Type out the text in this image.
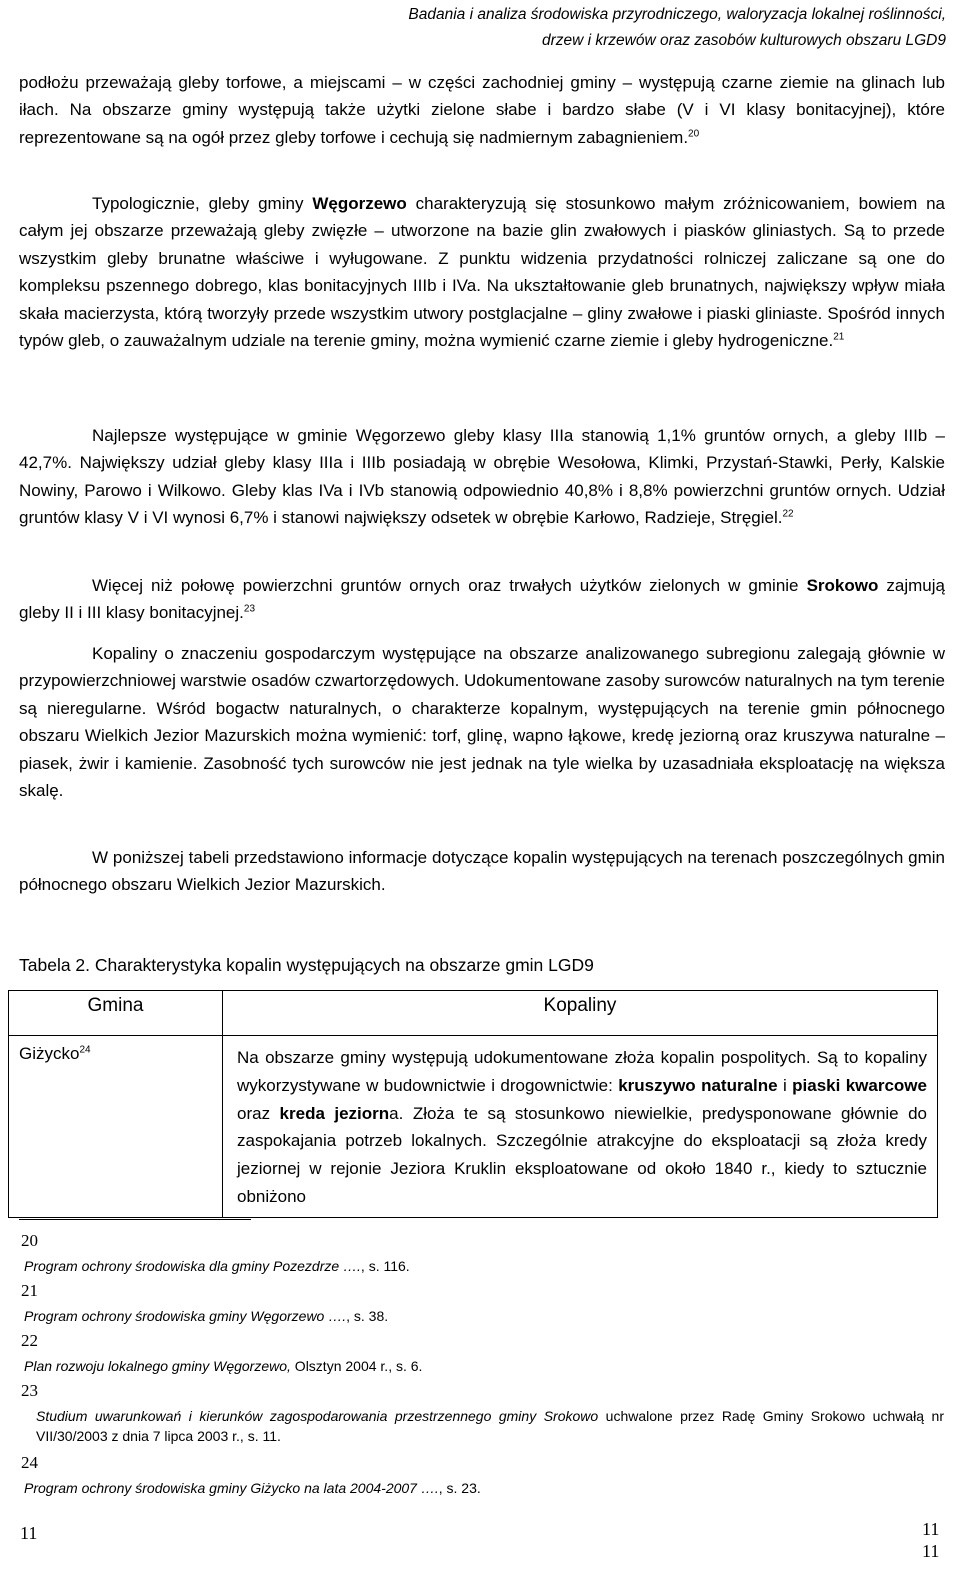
Badania i analiza środowiska przyrodniczego, waloryzacja lokalnej roślinności,
drzew i krzewów oraz zasobów kulturowych obszaru LGD9

podłożu przeważają gleby torfowe, a miejscami – w części zachodniej gminy – występują czarne ziemie na glinach lub iłach. Na obszarze gminy występują także użytki zielone słabe i bardzo słabe (V i VI klasy bonitacyjnej), które reprezentowane są na ogół przez gleby torfowe i cechują się nadmiernym zabagnieniem.$^{20}$

Typologicznie, gleby gminy Węgorzewo charakteryzują się stosunkowo małym zróżnicowaniem, bowiem na całym jej obszarze przeważają gleby zwięzłe – utworzone na bazie glin zwałowych i piasków gliniastych. Są to przede wszystkim gleby brunatne właściwe i wyługowane. Z punktu widzenia przydatności rolniczej zaliczane są one do kompleksu pszennego dobrego, klas bonitacyjnych IIIb i IVa. Na ukształtowanie gleb brunatnych, największy wpływ miała skała macierzysta, którą tworzyły przede wszystkim utwory postglacjalne – gliny zwałowe i piaski gliniaste. Spośród innych typów gleb, o zauważalnym udziale na terenie gminy, można wymienić czarne ziemie i gleby hydrogeniczne.$^{21}$

Najlepsze występujące w gminie Węgorzewo gleby klasy IIIa stanowią 1,1% gruntów ornych, a gleby IIIb – 42,7%. Największy udział gleby klasy IIIa i IIIb posiadają w obrębie Wesołowa, Klimki, Przystań-Stawki, Perły, Kalskie Nowiny, Parowo i Wilkowo. Gleby klas IVa i IVb stanowią odpowiednio 40,8% i 8,8% powierzchni gruntów ornych. Udział gruntów klasy V i VI wynosi 6,7% i stanowi największy odsetek w obrębie Karłowo, Radzieje, Stręgiel.$^{22}$

Więcej niż połowę powierzchni gruntów ornych oraz trwałych użytków zielonych w gminie Srokowo zajmują gleby II i III klasy bonitacyjnej.$^{23}$

Kopaliny o znaczeniu gospodarczym występujące na obszarze analizowanego subregionu zalegają głównie w przypowierzchniowej warstwie osadów czwartorzędowych. Udokumentowane zasoby surowców naturalnych na tym terenie są nieregularne. Wśród bogactw naturalnych, o charakterze kopalnym, występujących na terenie gmin północnego obszaru Wielkich Jezior Mazurskich można wymienić: torf, glinę, wapno łąkowe, kredę jeziorną oraz kruszywa naturalne – piasek, żwir i kamienie. Zasobność tych surowców nie jest jednak na tyle wielka by uzasadniała eksploatację na większa skalę.

W poniższej tabeli przedstawiono informacje dotyczące kopalin występujących na terenach poszczególnych gmin północnego obszaru Wielkich Jezior Mazurskich.

Tabela 2. Charakterystyka kopalin występujących na obszarze gmin LGD9
Gmina	Kopaliny
Giżycko$^{24}$	Na obszarze gminy występują udokumentowane złoża kopalin pospolitych. Są to kopaliny wykorzystywane w budownictwie i drogownictwie: kruszywo naturalne i piaski kwarcowe oraz kreda jeziorna. Złoża te są stosunkowo niewielkie, predysponowane głównie do zaspokajania potrzeb lokalnych. Szczególnie atrakcyjne do eksploatacji są złoża kredy jeziornej w rejonie Jeziora Kruklin eksploatowane od około 1840 r., kiedy to sztucznie obniżono
20
Program ochrony środowiska dla gminy Pozezdrze …., s. 116.
21
Program ochrony środowiska gminy Węgorzewo …., s. 38.
22
Plan rozwoju lokalnego gminy Węgorzewo, Olsztyn 2004 r., s. 6.
23
Studium uwarunkowań i kierunków zagospodarowania przestrzennego gminy Srokowo uchwalone przez Radę Gminy Srokowo uchwałą nr VII/30/2003 z dnia 7 lipca 2003 r., s. 11.
24
Program ochrony środowiska gminy Giżycko na lata 2004-2007 …., s. 23.
11	11
11
